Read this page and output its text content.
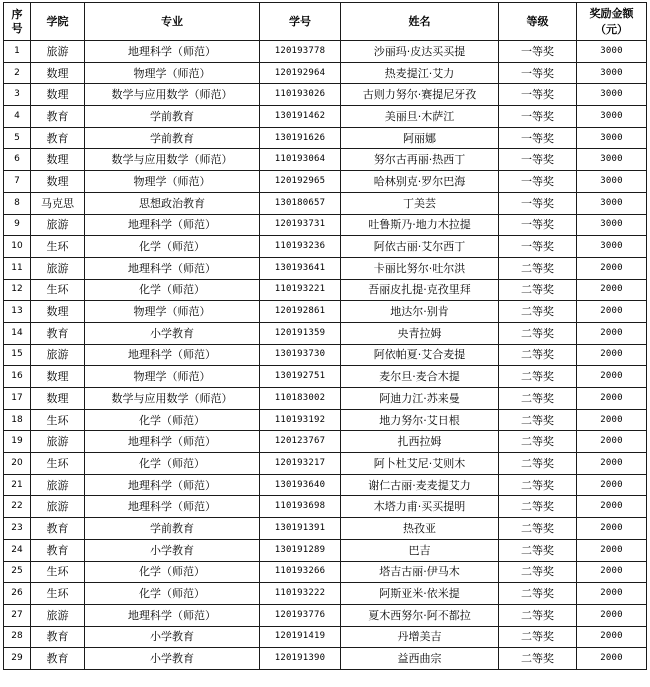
序
号	学院	专业	学号	姓名	等级	奖励金额
（元）

1	旅游	地理科学（师范）	120193778	沙丽玛·皮达买买提	一等奖	3000
2	数理	物理学（师范）	120192964	热麦提江·艾力	一等奖	3000
3	数理	数学与应用数学（师范）	110193026	古则力努尔·赛提尼牙孜	一等奖	3000
4	教育	学前教育	130191462	美丽旦·木萨江	一等奖	3000
5	教育	学前教育	130191626	阿丽娜	一等奖	3000
6	数理	数学与应用数学（师范）	110193064	努尔古再丽·热西丁	一等奖	3000
7	数理	物理学（师范）	120192965	哈林别克·罗尔巴海	一等奖	3000
8	马克思	思想政治教育	130180657	丁美芸	一等奖	3000
9	旅游	地理科学（师范）	120193731	吐鲁斯乃·地力木拉提	一等奖	3000
10	生环	化学（师范）	110193236	阿依古丽·艾尔西丁	一等奖	3000
11	旅游	地理科学（师范）	130193641	卡丽比努尔·吐尔洪	二等奖	2000
12	生环	化学（师范）	110193221	吾丽皮扎提·克孜里拜	二等奖	2000
13	数理	物理学（师范）	120192861	地达尔·别肯	二等奖	2000
14	教育	小学教育	120191359	央青拉姆	二等奖	2000
15	旅游	地理科学（师范）	130193730	阿依帕夏·艾合麦提	二等奖	2000
16	数理	物理学（师范）	130192751	麦尔旦·麦合木提	二等奖	2000
17	数理	数学与应用数学（师范）	110183002	阿迪力江·苏来曼	二等奖	2000
18	生环	化学（师范）	110193192	地力努尔·艾日根	二等奖	2000
19	旅游	地理科学（师范）	120123767	扎西拉姆	二等奖	2000
20	生环	化学（师范）	120193217	阿卜杜艾尼·艾则木	二等奖	2000
21	旅游	地理科学（师范）	130193640	谢仁古丽·麦麦提艾力	二等奖	2000
22	旅游	地理科学（师范）	110193698	木塔力甫·买买提明	二等奖	2000
23	教育	学前教育	130191391	热孜亚	二等奖	2000
24	教育	小学教育	130191289	巴吉	二等奖	2000
25	生环	化学（师范）	110193266	塔吉古丽·伊马木	二等奖	2000
26	生环	化学（师范）	110193222	阿斯亚米·依米提	二等奖	2000
27	旅游	地理科学（师范）	120193776	夏木西努尔·阿不都拉	二等奖	2000
28	教育	小学教育	120191419	丹增美吉	二等奖	2000
29	教育	小学教育	120191390	益西曲宗	二等奖	2000
